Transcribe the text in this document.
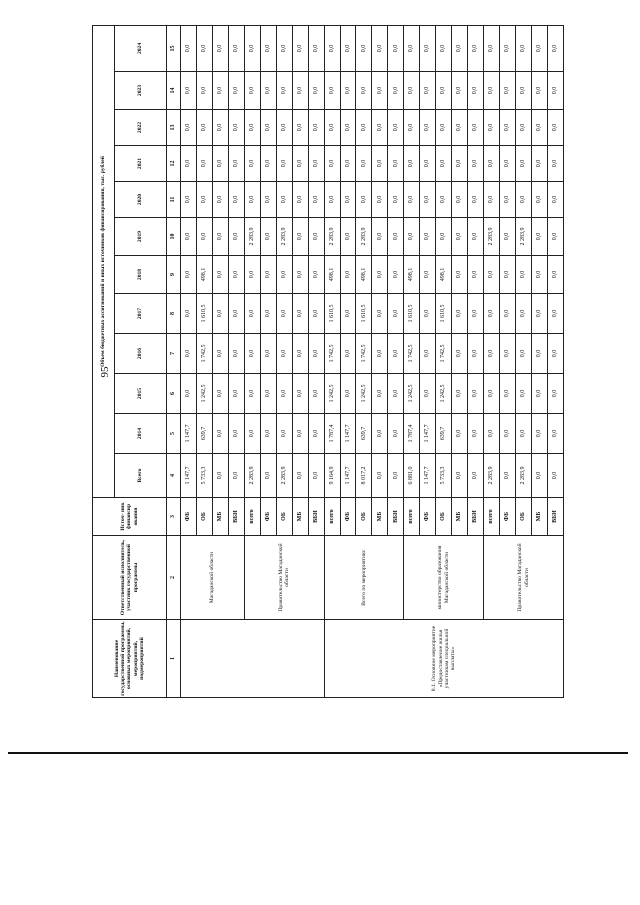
95
Наименование государственной программы, основных мероприятий, мероприятий, подмероприятий	Ответственный исполнитель, участник государственной программы	Источ- ник финансир ования	Объем бюджетных ассигнований и иных источников финансирования, тыс. рублей											
			Всего	2014	2015	2016	2017	2018	2019	2020	2021	2022	2023	2024
1	2	3	4	5	6	7	8	9	10	11	12	13	14	15
	Магаданской области	ФБ	1 147,7	1 147,7	0,0	0,0	0,0	0,0	0,0	0,0	0,0	0,0	0,0	0,0
		ОБ	5 733,3	639,7	1 242,5	1 742,5	1 610,5	498,1	0,0	0,0	0,0	0,0	0,0	0,0
		МБ	0,0	0,0	0,0	0,0	0,0	0,0	0,0	0,0	0,0	0,0	0,0	0,0
		ВБИ	0,0	0,0	0,0	0,0	0,0	0,0	0,0	0,0	0,0	0,0	0,0	0,0
	Правительство Магаданской области	всего	2 283,9	0,0	0,0	0,0	0,0	0,0	2 283,9	0,0	0,0	0,0	0,0	0,0
		ФБ	0,0	0,0	0,0	0,0	0,0	0,0	0,0	0,0	0,0	0,0	0,0	0,0
		ОБ	2 283,9	0,0	0,0	0,0	0,0	0,0	2 283,9	0,0	0,0	0,0	0,0	0,0
		МБ	0,0	0,0	0,0	0,0	0,0	0,0	0,0	0,0	0,0	0,0	0,0	0,0
		ВБИ	0,0	0,0	0,0	0,0	0,0	0,0	0,0	0,0	0,0	0,0	0,0	0,0
8.1. Основное мероприятие «Предоставление жилья участникам специальной выплаты»	Всего по мероприятию:	всего	9 164,9	1 787,4	1 242,5	1 742,5	1 610,5	498,1	2 283,9	0,0	0,0	0,0	0,0	0,0
		ФБ	1 147,7	1 147,7	0,0	0,0	0,0	0,0	0,0	0,0	0,0	0,0	0,0	0,0
		ОБ	8 017,2	639,7	1 242,5	1 742,5	1 610,5	498,1	2 283,9	0,0	0,0	0,0	0,0	0,0
		МБ	0,0	0,0	0,0	0,0	0,0	0,0	0,0	0,0	0,0	0,0	0,0	0,0
		ВБИ	0,0	0,0	0,0	0,0	0,0	0,0	0,0	0,0	0,0	0,0	0,0	0,0
	министерство образования Магаданской области	всего	6 881,0	1 787,4	1 242,5	1 742,5	1 610,5	498,1	0,0	0,0	0,0	0,0	0,0	0,0
		ФБ	1 147,7	1 147,7	0,0	0,0	0,0	0,0	0,0	0,0	0,0	0,0	0,0	0,0
		ОБ	5 733,3	639,7	1 242,5	1 742,5	1 610,5	498,1	0,0	0,0	0,0	0,0	0,0	0,0
		МБ	0,0	0,0	0,0	0,0	0,0	0,0	0,0	0,0	0,0	0,0	0,0	0,0
		ВБИ	0,0	0,0	0,0	0,0	0,0	0,0	0,0	0,0	0,0	0,0	0,0	0,0
	Правительство Магаданской области	всего	2 283,9	0,0	0,0	0,0	0,0	0,0	2 283,9	0,0	0,0	0,0	0,0	0,0
		ФБ	0,0	0,0	0,0	0,0	0,0	0,0	0,0	0,0	0,0	0,0	0,0	0,0
		ОБ	2 283,9	0,0	0,0	0,0	0,0	0,0	2 283,9	0,0	0,0	0,0	0,0	0,0
		МБ	0,0	0,0	0,0	0,0	0,0	0,0	0,0	0,0	0,0	0,0	0,0	0,0
		ВБИ	0,0	0,0	0,0	0,0	0,0	0,0	0,0	0,0	0,0	0,0	0,0	0,0
